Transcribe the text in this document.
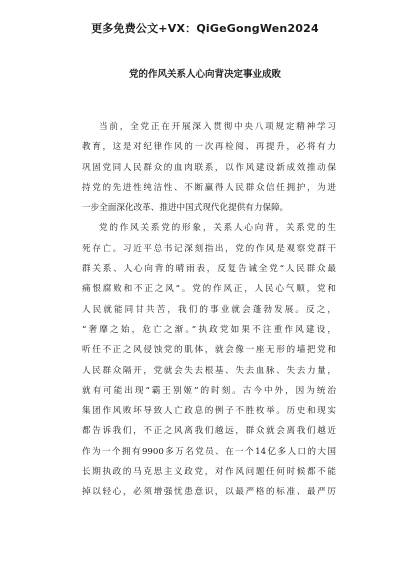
更多免费公文+VX：QiGeGongWen2024
党的作风关系人心向背决定事业成败
当前，全党正在开展深入贯彻中央八项规定精神学习
教育，这是对纪律作风的一次再检阅、再提升，必将有力
巩固党同人民群众的血肉联系，以作风建设新成效推动保
持党的先进性纯洁性、不断赢得人民群众信任拥护，为进
一步全面深化改革、推进中国式现代化提供有力保障。
党的作风关系党的形象，关系人心向背，关系党的生
死存亡。习近平总书记深刻指出，党的作风是观察党群干
群关系、人心向背的晴雨表，反复告诫全党“人民群众最
痛恨腐败和不正之风”。党的作风正，人民心气顺，党和
人民就能同甘共苦，我们的事业就会蓬勃发展。反之，
“奢靡之始，危亡之渐。”执政党如果不注重作风建设，
听任不正之风侵蚀党的肌体，就会像一座无形的墙把党和
人民群众隔开，党就会失去根基、失去血脉、失去力量，
就有可能出现“霸王别姬”的时刻。古今中外，因为统治
集团作风败坏导致人亡政息的例子不胜枚举。历史和现实
都告诉我们，不正之风离我们越远，群众就会离我们越近
作为一个拥有9900多万名党员、在一个14亿多人口的大国
长期执政的马克思主义政党，对作风问题任何时候都不能
掉以轻心，必须增强忧患意识，以最严格的标准、最严厉
